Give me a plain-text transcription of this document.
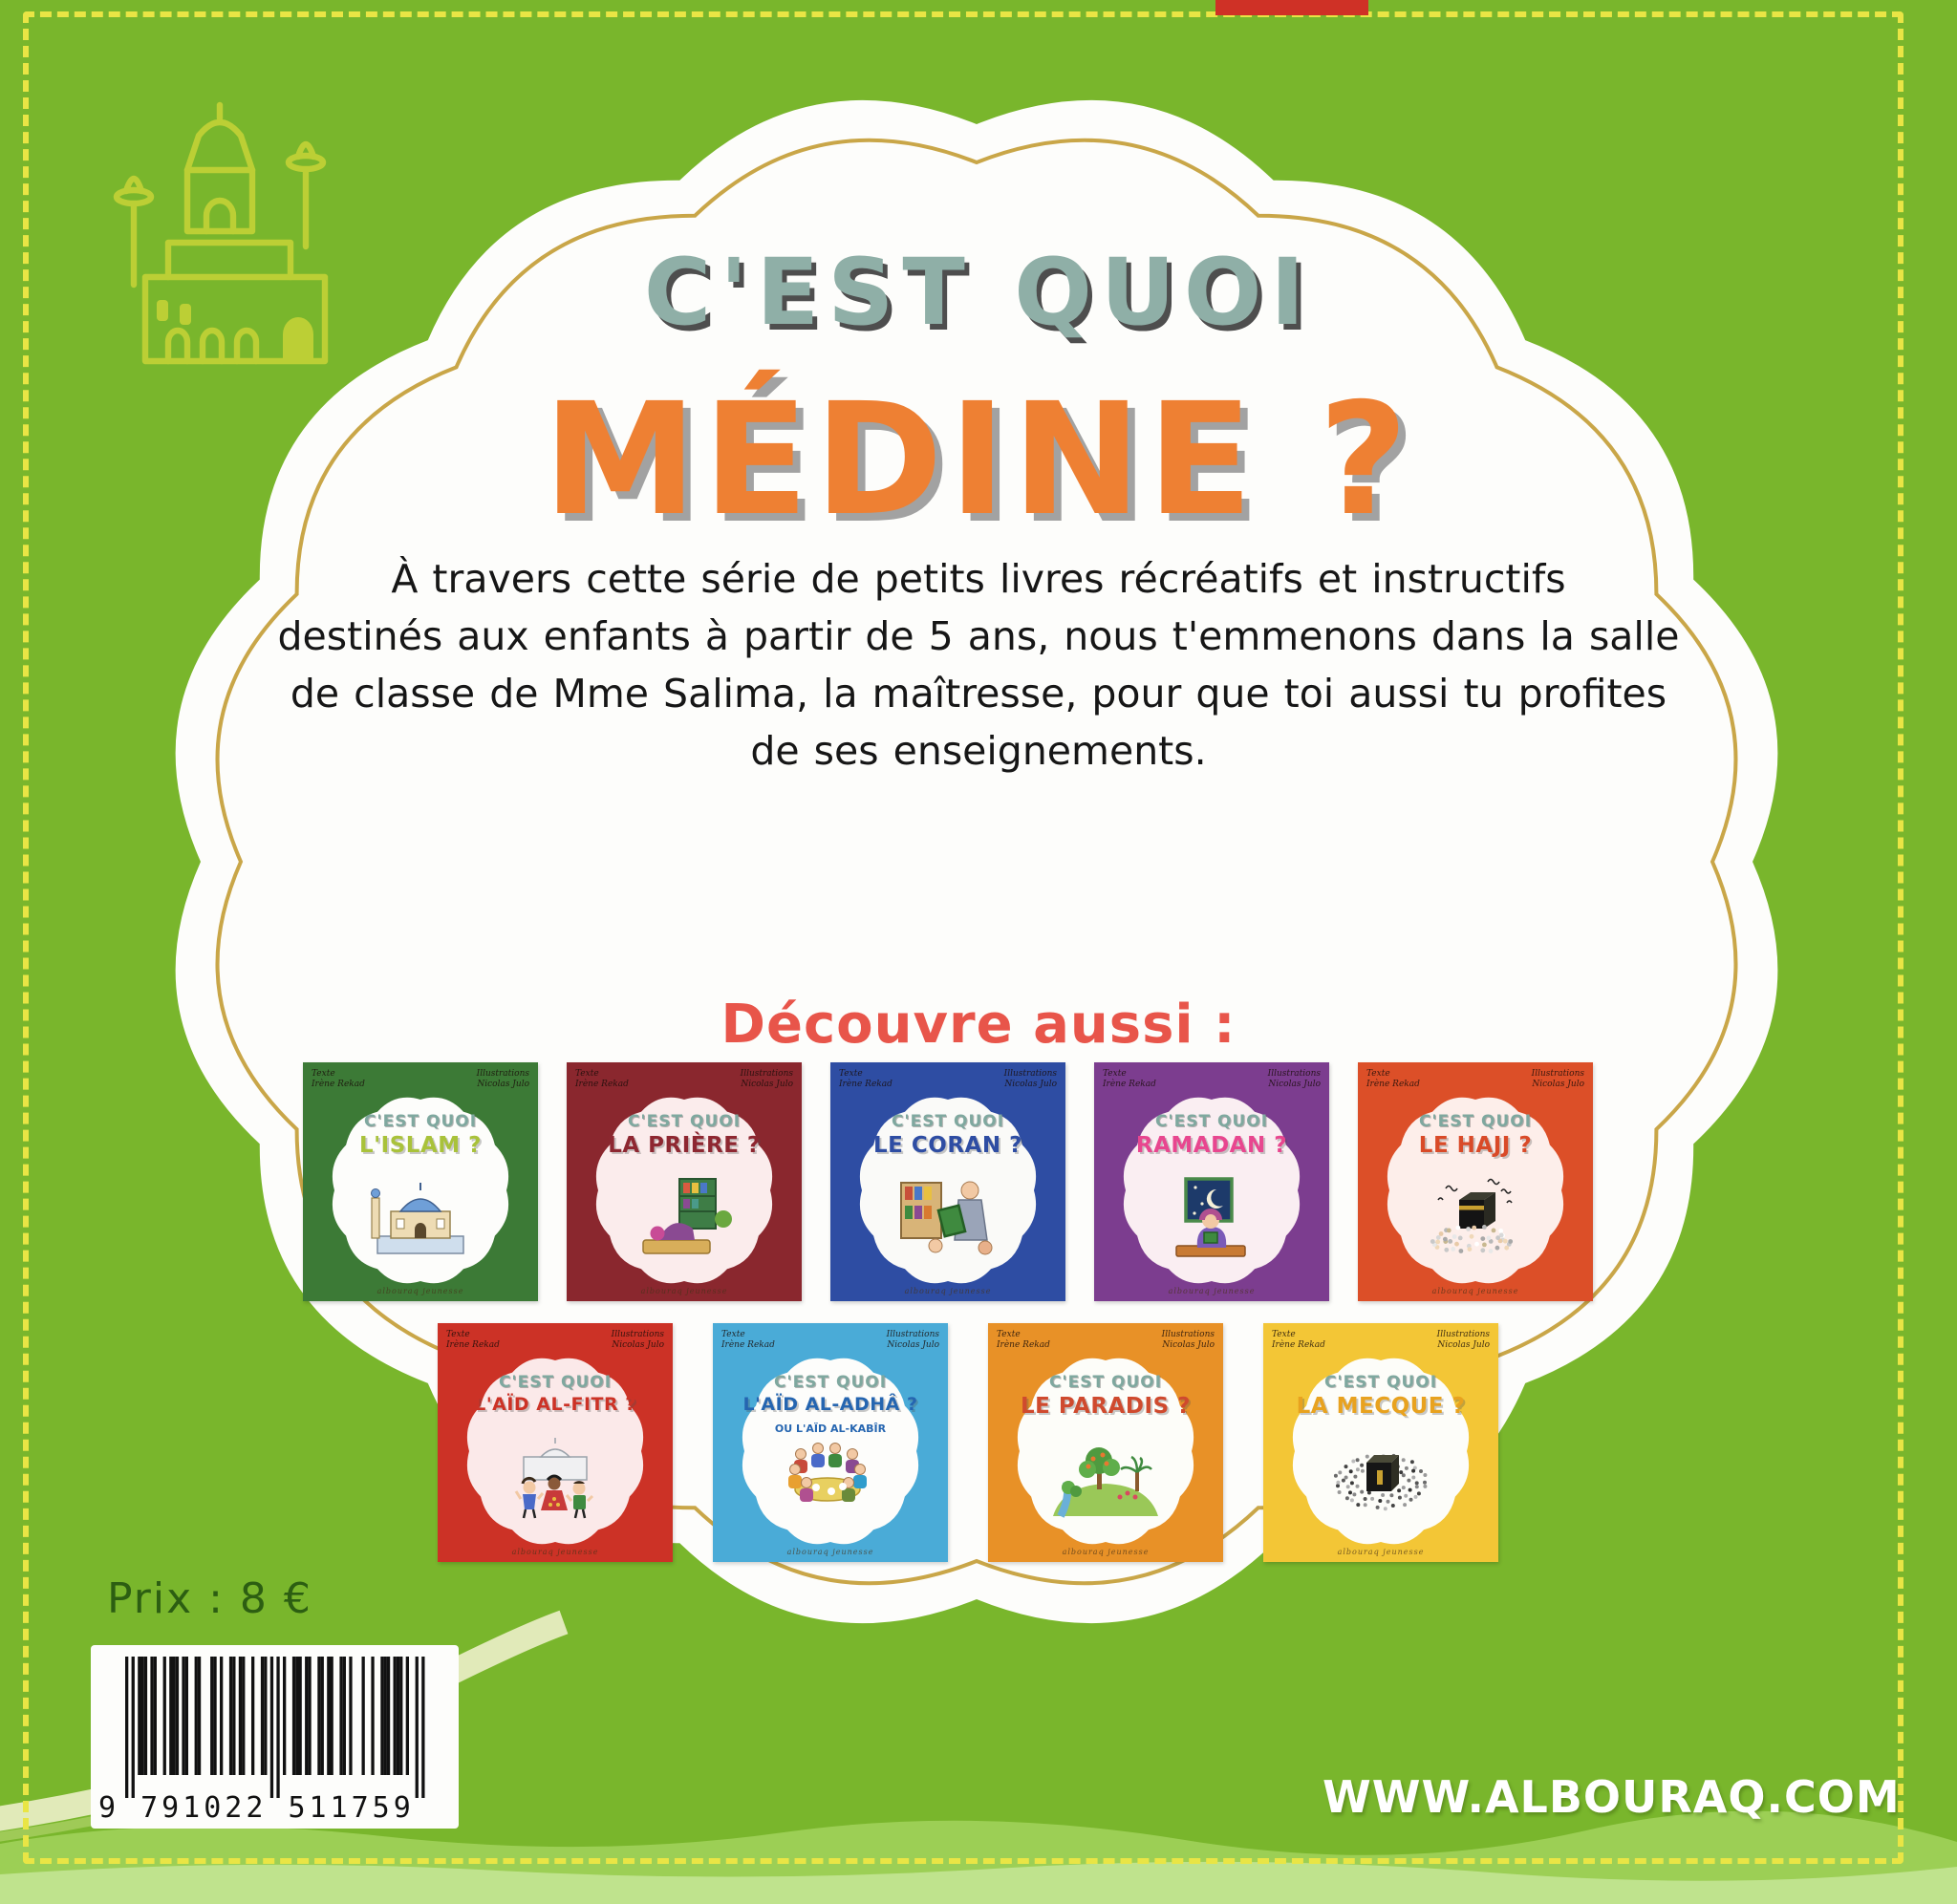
C'EST QUOI
MÉDINE ?
À travers cette série de petits livres récréatifs et instructifs
destinés aux enfants à partir de 5 ans, nous t'emmenons dans la salle
de classe de Mme Salima, la maîtresse, pour que toi aussi tu profites
de ses enseignements.
Découvre aussi :
Texte
Irène Rekad
Illustrations
Nicolas Julo
C'EST QUOI
L'ISLAM ?
albouraq jeunesse
Texte
Irène Rekad
Illustrations
Nicolas Julo
C'EST QUOI
LA PRIÈRE ?
albouraq jeunesse
Texte
Irène Rekad
Illustrations
Nicolas Julo
C'EST QUOI
LE CORAN ?
albouraq jeunesse
Texte
Irène Rekad
Illustrations
Nicolas Julo
C'EST QUOI
RAMADAN ?
albouraq jeunesse
Texte
Irène Rekad
Illustrations
Nicolas Julo
C'EST QUOI
LE HAJJ ?
albouraq jeunesse
Texte
Irène Rekad
Illustrations
Nicolas Julo
C'EST QUOI
L'AÏD AL-FITR ?
albouraq jeunesse
Texte
Irène Rekad
Illustrations
Nicolas Julo
C'EST QUOI
L'AÏD AL-ADHÂ ?
OU L'AÏD AL-KABÎR
albouraq jeunesse
Texte
Irène Rekad
Illustrations
Nicolas Julo
C'EST QUOI
LE PARADIS ?
albouraq jeunesse
Texte
Irène Rekad
Illustrations
Nicolas Julo
C'EST QUOI
LA MECQUE ?
albouraq jeunesse
Prix : 8 €
9 791022 511759	WWW.ALBOURAQ.COM
